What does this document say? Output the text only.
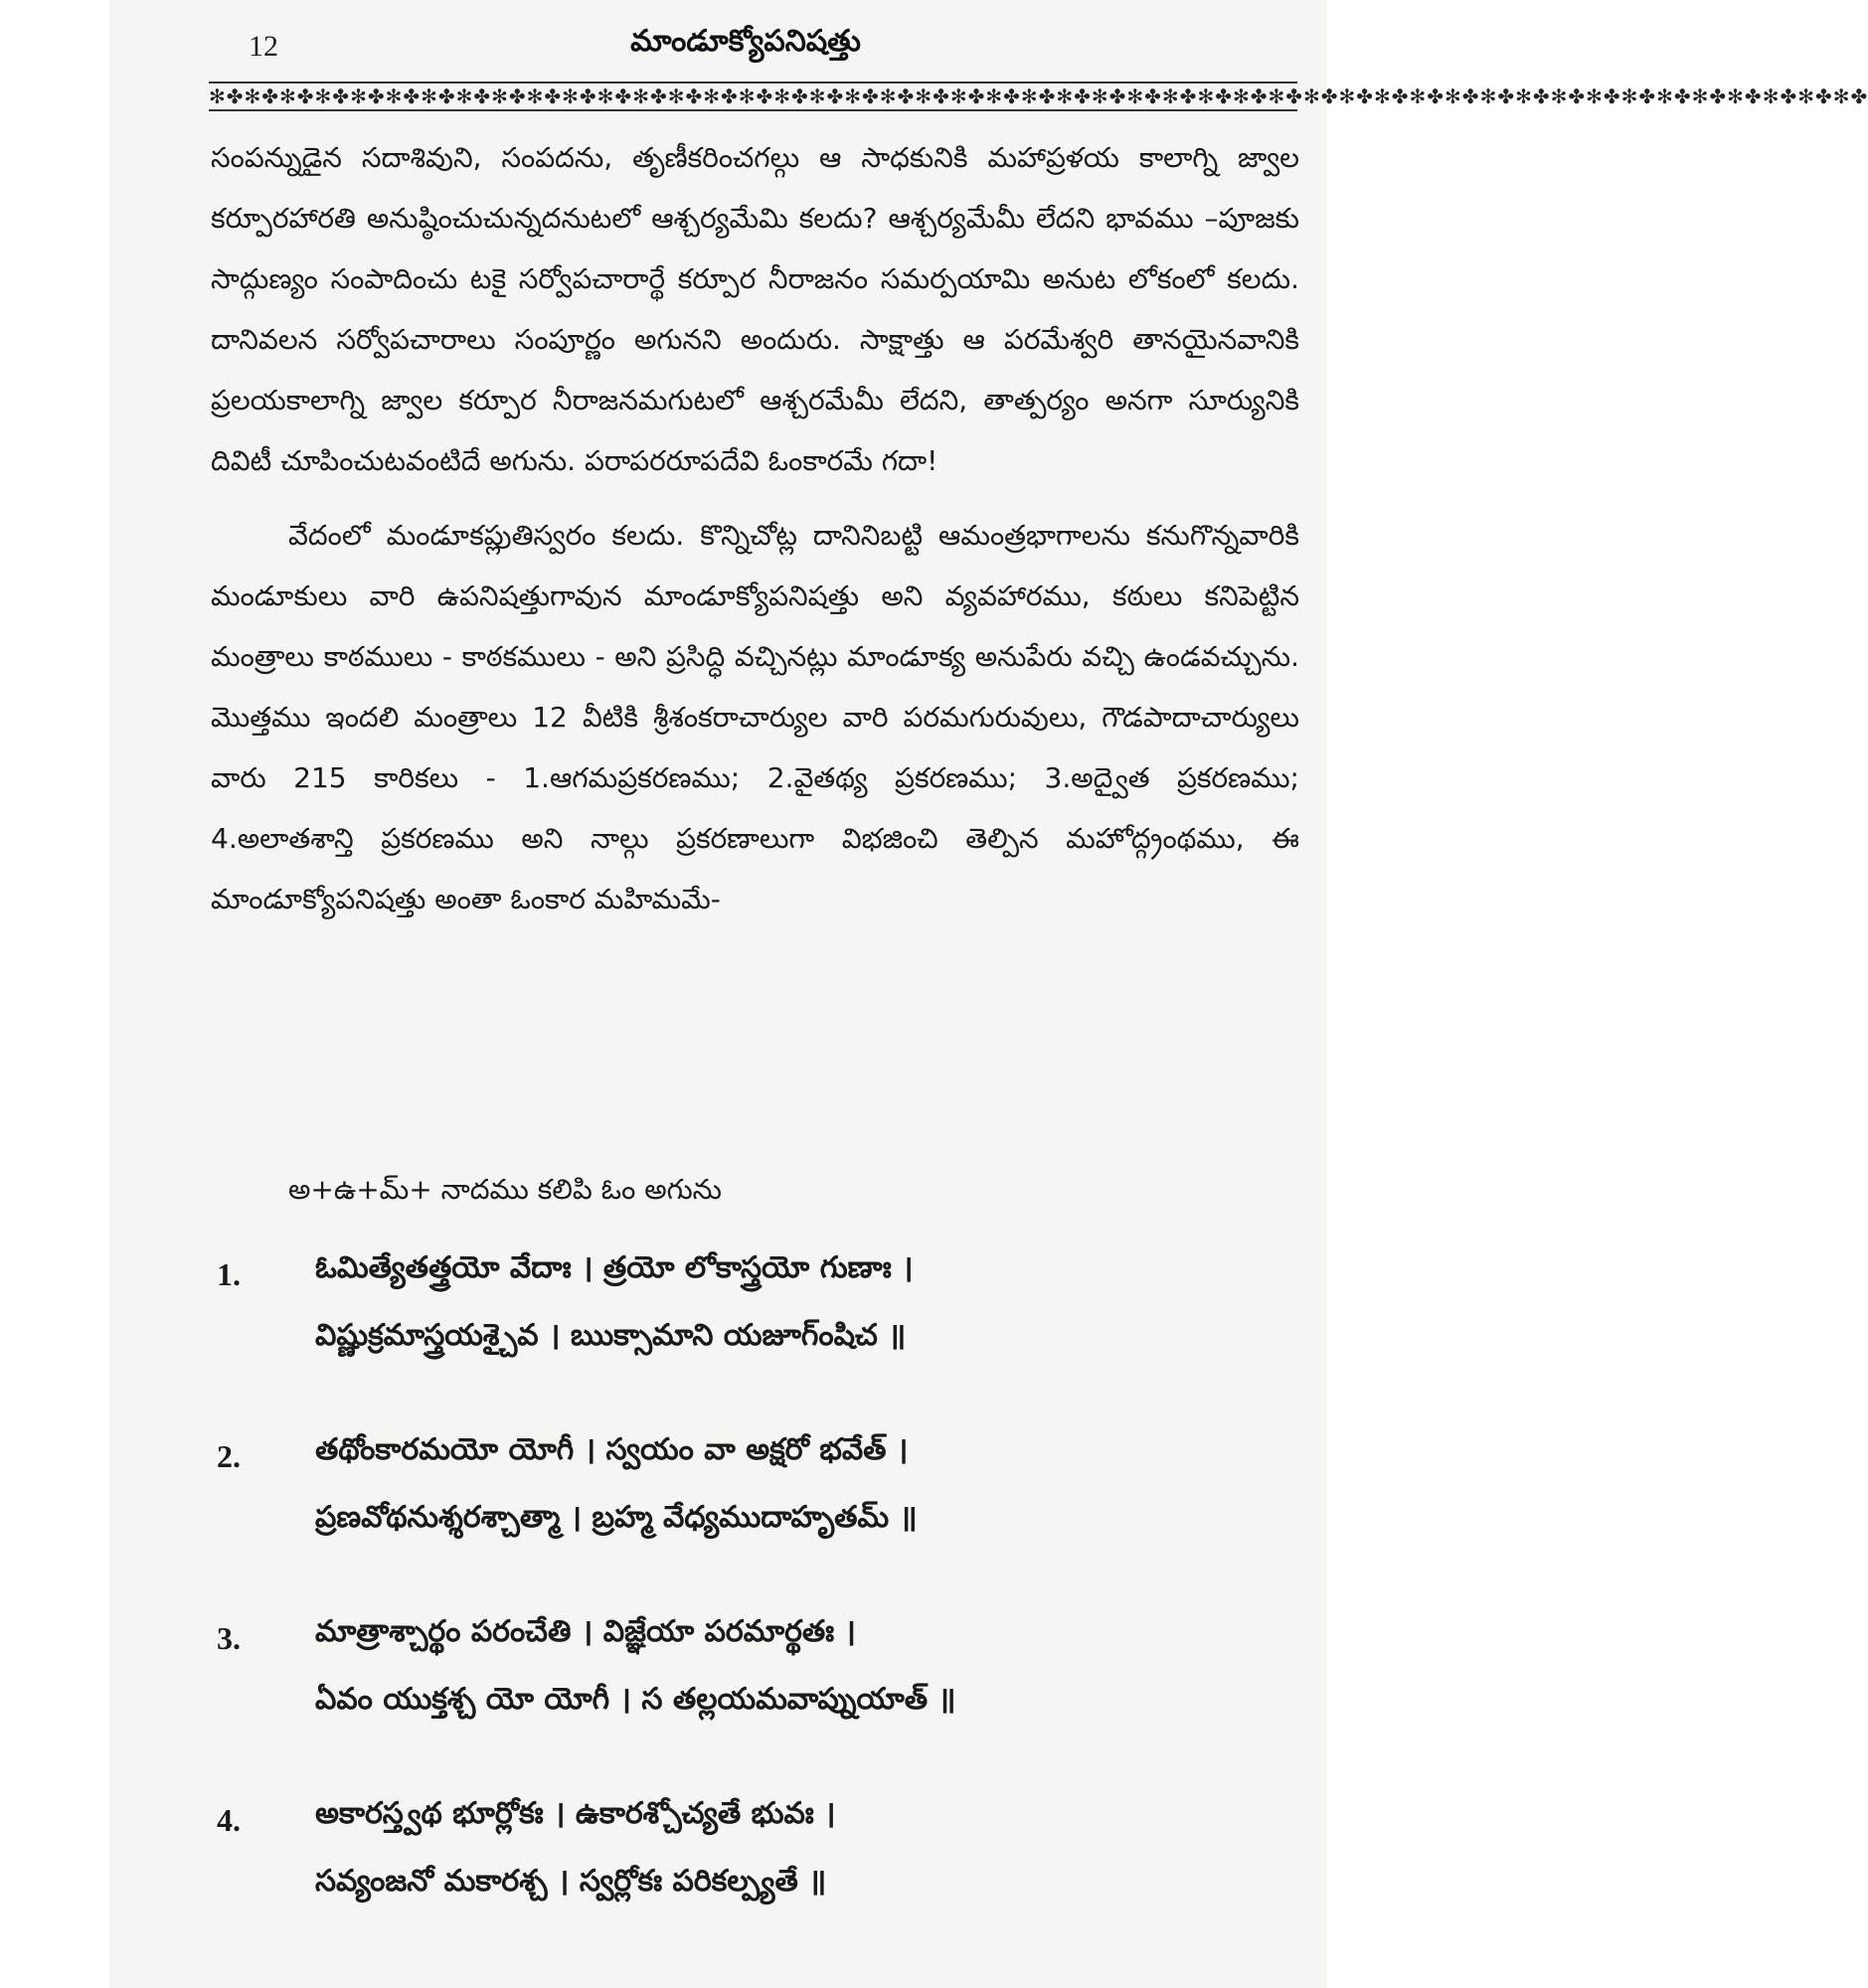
12	మాండూక్యోపనిషత్తు
✻✤✻✤✻✤✻✤✻✤✻✤✻✤✻✤✻✤✻✤✻✤✻✤✻✤✻✤✻✤✻✤✻✤✻✤✻✤✻✤✻✤✻✤✻✤✻✤✻✤✻✤✻✤✻✤✻✤✻✤✻✤✻✤✻✤✻✤✻✤✻✤✻✤✻✤✻✤✻✤✻✤✻✤✻✤✻✤✻✤✻✤✻✤

సంపన్నుడైన సదాశివుని, సంపదను, తృణీకరించగల్గు ఆ సాధకునికి మహాప్రళయ కాలాగ్ని జ్వాల కర్పూరహారతి అనుష్ఠించుచున్నదనుటలో ఆశ్చర్యమేమి కలదు? ఆశ్చర్యమేమీ లేదని భావము –పూజకు సాద్గుణ్యం సంపాదించు టకై సర్వోపచారార్థే కర్పూర నీరాజనం సమర్పయామి అనుట లోకంలో కలదు. దానివలన సర్వోపచారాలు సంపూర్ణం అగునని అందురు. సాక్షాత్తు ఆ పరమేశ్వరి తానయైనవానికి ప్రలయకాలాగ్ని జ్వాల కర్పూర నీరాజనమగుటలో ఆశ్చరమేమీ లేదని, తాత్పర్యం అనగా సూర్యునికి దివిటీ చూపించుటవంటిదే అగును. పరాపరరూపదేవి ఓంకారమే గదా!

వేదంలో మండూకప్లుతిస్వరం కలదు. కొన్నిచోట్ల దానినిబట్టి ఆమంత్రభాగాలను కనుగొన్నవారికి మండూకులు వారి ఉపనిషత్తుగావున మాండూక్యోపనిషత్తు అని వ్యవహారము, కఠులు కనిపెట్టిన మంత్రాలు కాఠములు - కాఠకములు - అని ప్రసిద్ధి వచ్చినట్లు మాండూక్య అనుపేరు వచ్చి ఉండవచ్చును. మొత్తము ఇందలి మంత్రాలు 12 వీటికి శ్రీశంకరాచార్యుల వారి పరమగురువులు, గౌడపాదాచార్యులు వారు 215 కారికలు - 1.ఆగమప్రకరణము; 2.వైతథ్య ప్రకరణము; 3.అద్వైత ప్రకరణము; 4.అలాతశాన్తి ప్రకరణము అని నాల్గు ప్రకరణాలుగా విభజించి తెల్పిన మహోద్గ్రంథము, ఈ మాండూక్యోపనిషత్తు అంతా ఓంకార మహిమమే-

అ+ఉ+మ్+ నాదము కలిపి ఓం అగును
1.	ఓమిత్యేతత్త్రయో వేదాః । త్రయో లోకాస్త్రయో గుణాః ।
విష్ణుక్రమాస్త్రయశ్చైవ । ఋక్సామాని యజూగ్ంషిచ ॥
2.	తథోంకారమయో యోగీ । స్వయం వా అక్షరో భవేత్ ।
ప్రణవోథనుశ్శరశ్చాత్మా । బ్రహ్మ వేధ్యముదాహృతమ్ ॥
3.	మాత్రాశ్చార్థం పరంచేతి । విజ్ఞేయా పరమార్థతః ।
ఏవం యుక్తశ్చ యో యోగీ । స తల్లయమవాప్నుయాత్ ॥
4.	అకారస్త్వథ భూర్లోకః । ఉకారశ్చోచ్యతే భువః ।
సవ్యంజనో మకారశ్చ । స్వర్లోకః పరికల్ప్యతే ॥
